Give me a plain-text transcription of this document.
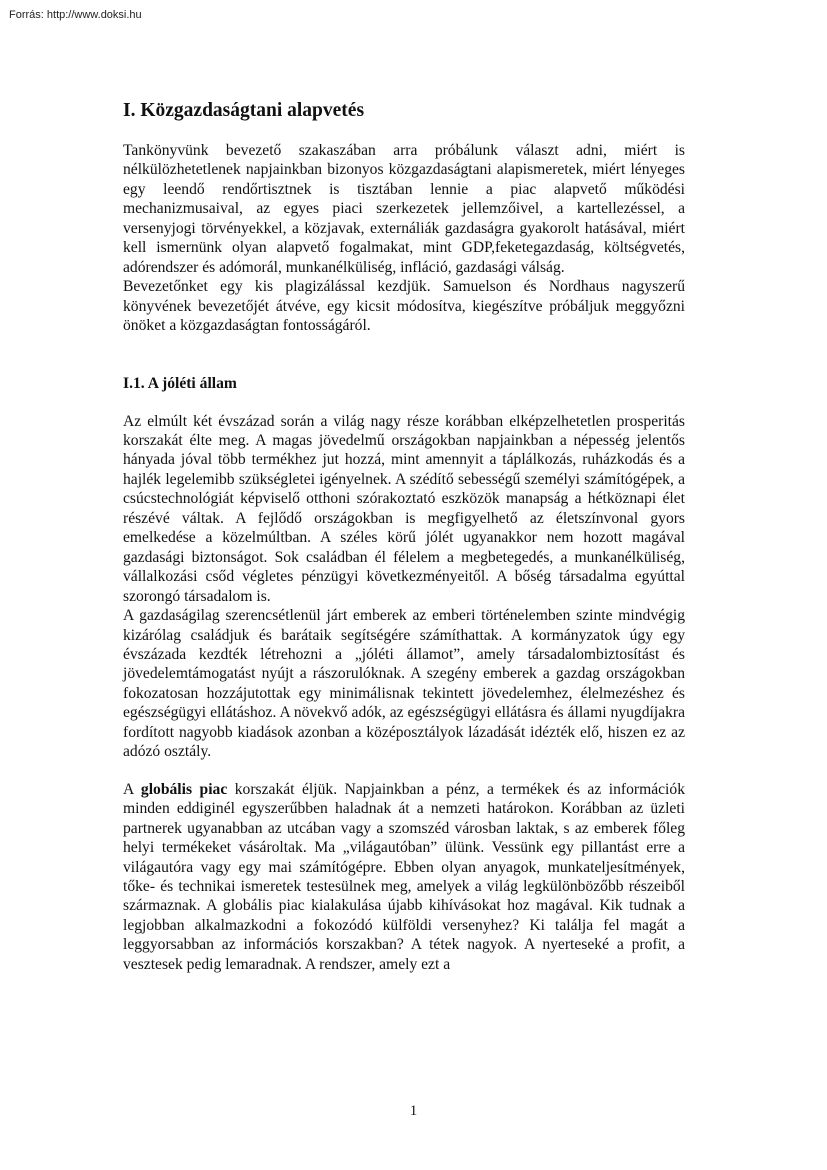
Forrás: http://www.doksi.hu
I. Közgazdaságtani alapvetés

Tankönyvünk bevezető szakaszában arra próbálunk választ adni, miért is nélkülözhetetlenek napjainkban bizonyos közgazdaságtani alapismeretek, miért lényeges egy leendő rendőrtisztnek is tisztában lennie a piac alapvető működési mechanizmusaival, az egyes piaci szerkezetek jellemzőivel, a kartellezéssel, a versenyjogi törvényekkel, a közjavak, externáliák gazdaságra gyakorolt hatásával, miért kell ismernünk olyan alapvető fogalmakat, mint GDP,feketegazdaság, költségvetés, adórendszer és adómorál, munkanélküliség, infláció, gazdasági válság.

Bevezetőnket egy kis plagizálással kezdjük. Samuelson és Nordhaus nagyszerű könyvének bevezetőjét átvéve, egy kicsit módosítva, kiegészítve próbáljuk meggyőzni önöket a közgazdaságtan fontosságáról.

I.1. A jóléti állam

Az elmúlt két évszázad során a világ nagy része korábban elképzelhetetlen prosperitás korszakát élte meg. A magas jövedelmű országokban napjainkban a népesség jelentős hányada jóval több termékhez jut hozzá, mint amennyit a táplálkozás, ruházkodás és a hajlék legelemibb szükségletei igényelnek. A szédítő sebességű személyi számítógépek, a csúcstechnológiát képviselő otthoni szórakoztató eszközök manapság a hétköznapi élet részévé váltak. A fejlődő országokban is megfigyelhető az életszínvonal gyors emelkedése a közelmúltban. A széles körű jólét ugyanakkor nem hozott magával gazdasági biztonságot. Sok családban él félelem a megbetegedés, a munkanélküliség, vállalkozási csőd végletes pénzügyi következményeitől. A bőség társadalma egyúttal szorongó társadalom is.

A gazdaságilag szerencsétlenül járt emberek az emberi történelemben szinte mindvégig kizárólag családjuk és barátaik segítségére számíthattak. A kormányzatok úgy egy évszázada kezdték létrehozni a „jóléti államot”, amely társadalombiztosítást és jövedelemtámogatást nyújt a rászorulóknak. A szegény emberek a gazdag országokban fokozatosan hozzájutottak egy minimálisnak tekintett jövedelemhez, élelmezéshez és egészségügyi ellátáshoz. A növekvő adók, az egészségügyi ellátásra és állami nyugdíjakra fordított nagyobb kiadások azonban a középosztályok lázadását idézték elő, hiszen ez az adózó osztály.

A globális piac korszakát éljük. Napjainkban a pénz, a termékek és az információk minden eddiginél egyszerűbben haladnak át a nemzeti határokon. Korábban az üzleti partnerek ugyanabban az utcában vagy a szomszéd városban laktak, s az emberek főleg helyi termékeket vásároltak. Ma „világautóban” ülünk. Vessünk egy pillantást erre a világautóra vagy egy mai számítógépre. Ebben olyan anyagok, munkateljesítmények, tőke- és technikai ismeretek testesülnek meg, amelyek a világ legkülönbözőbb részeiből származnak. A globális piac kialakulása újabb kihívásokat hoz magával. Kik tudnak a legjobban alkalmazkodni a fokozódó külföldi versenyhez? Ki találja fel magát a leggyorsabban az információs korszakban? A tétek nagyok. A nyerteseké a profit, a vesztesek pedig lemaradnak. A rendszer, amely ezt a

1
